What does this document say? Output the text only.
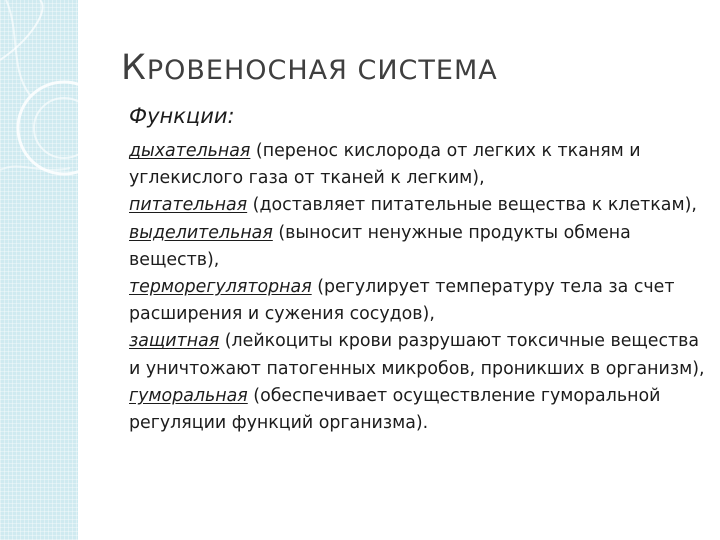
КРОВЕНОСНАЯ СИСТЕМА
Функции:

дыхательная (перенос кислорода от легких к тканям и углекислого газа от тканей к легким),
питательная (доставляет питательные вещества к клеткам),
выделительная (выносит ненужные продукты обмена веществ),
терморегуляторная (регулирует температуру тела за счет расширения и сужения сосудов),
защитная (лейкоциты крови разрушают токсичные вещества и уничтожают патогенных микробов, проникших в организм),
гуморальная (обеспечивает осуществление гуморальной регуляции функций организма).
